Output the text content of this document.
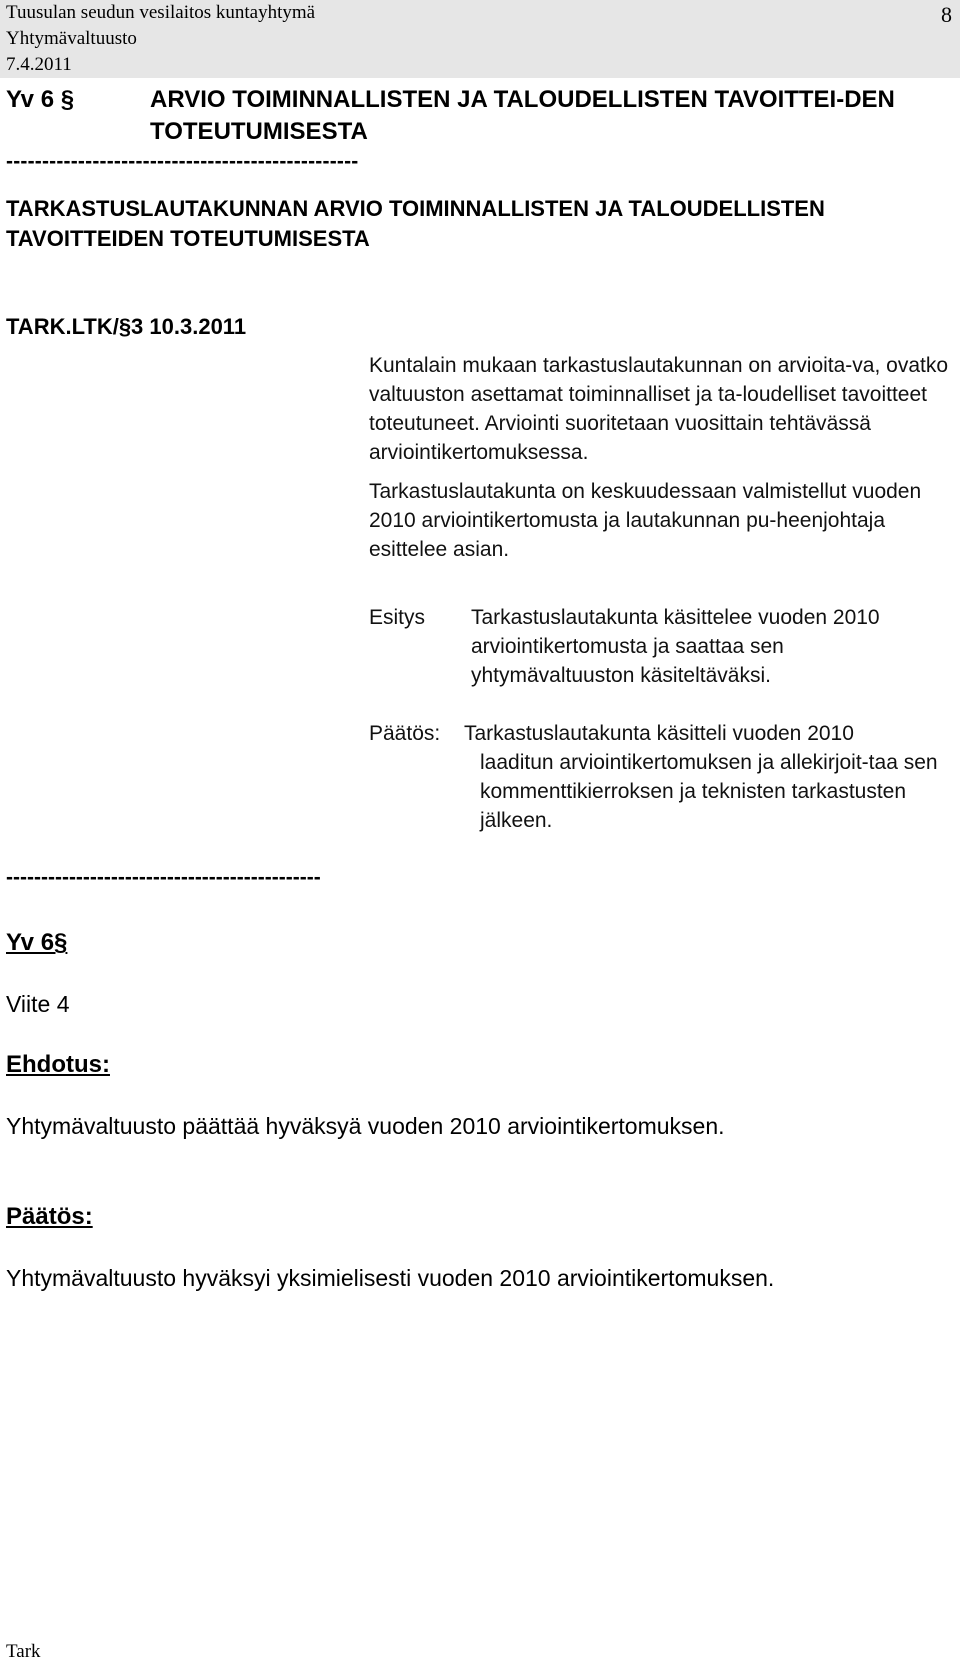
Tuusulan seudun vesilaitos kuntayhtymä
Yhtymävaltuusto
7.4.2011
8
Yv 6 §	ARVIO TOIMINNALLISTEN JA TALOUDELLISTEN TAVOITTEI-DEN TOTEUTUMISESTA
-------------------------------------------------
TARKASTUSLAUTAKUNNAN ARVIO TOIMINNALLISTEN JA TALOUDELLISTEN TAVOITTEIDEN TOTEUTUMISESTA
TARK.LTK/§3 10.3.2011
Kuntalain mukaan tarkastuslautakunnan on arvioita-va, ovatko valtuuston asettamat toiminnalliset ja ta-loudelliset tavoitteet toteutuneet. Arviointi suoritetaan vuosittain tehtävässä arviointikertomuksessa.
Tarkastuslautakunta on keskuudessaan valmistellut vuoden 2010 arviointikertomusta ja lautakunnan pu-heenjohtaja esittelee asian.
Esitys Tarkastuslautakunta käsittelee vuoden 2010 arviointikertomusta ja saattaa sen yhtymävaltuuston käsiteltäväksi.
Päätös: Tarkastuslautakunta käsitteli vuoden 2010
laaditun arviointikertomuksen ja allekirjoit-taa sen kommenttikierroksen ja teknisten tarkastusten jälkeen.
---------------------------------------------
Yv 6§
Viite 4
Ehdotus:
Yhtymävaltuusto päättää hyväksyä vuoden 2010 arviointikertomuksen.
Päätös:
Yhtymävaltuusto hyväksyi yksimielisesti vuoden 2010 arviointikertomuksen.
Tark
